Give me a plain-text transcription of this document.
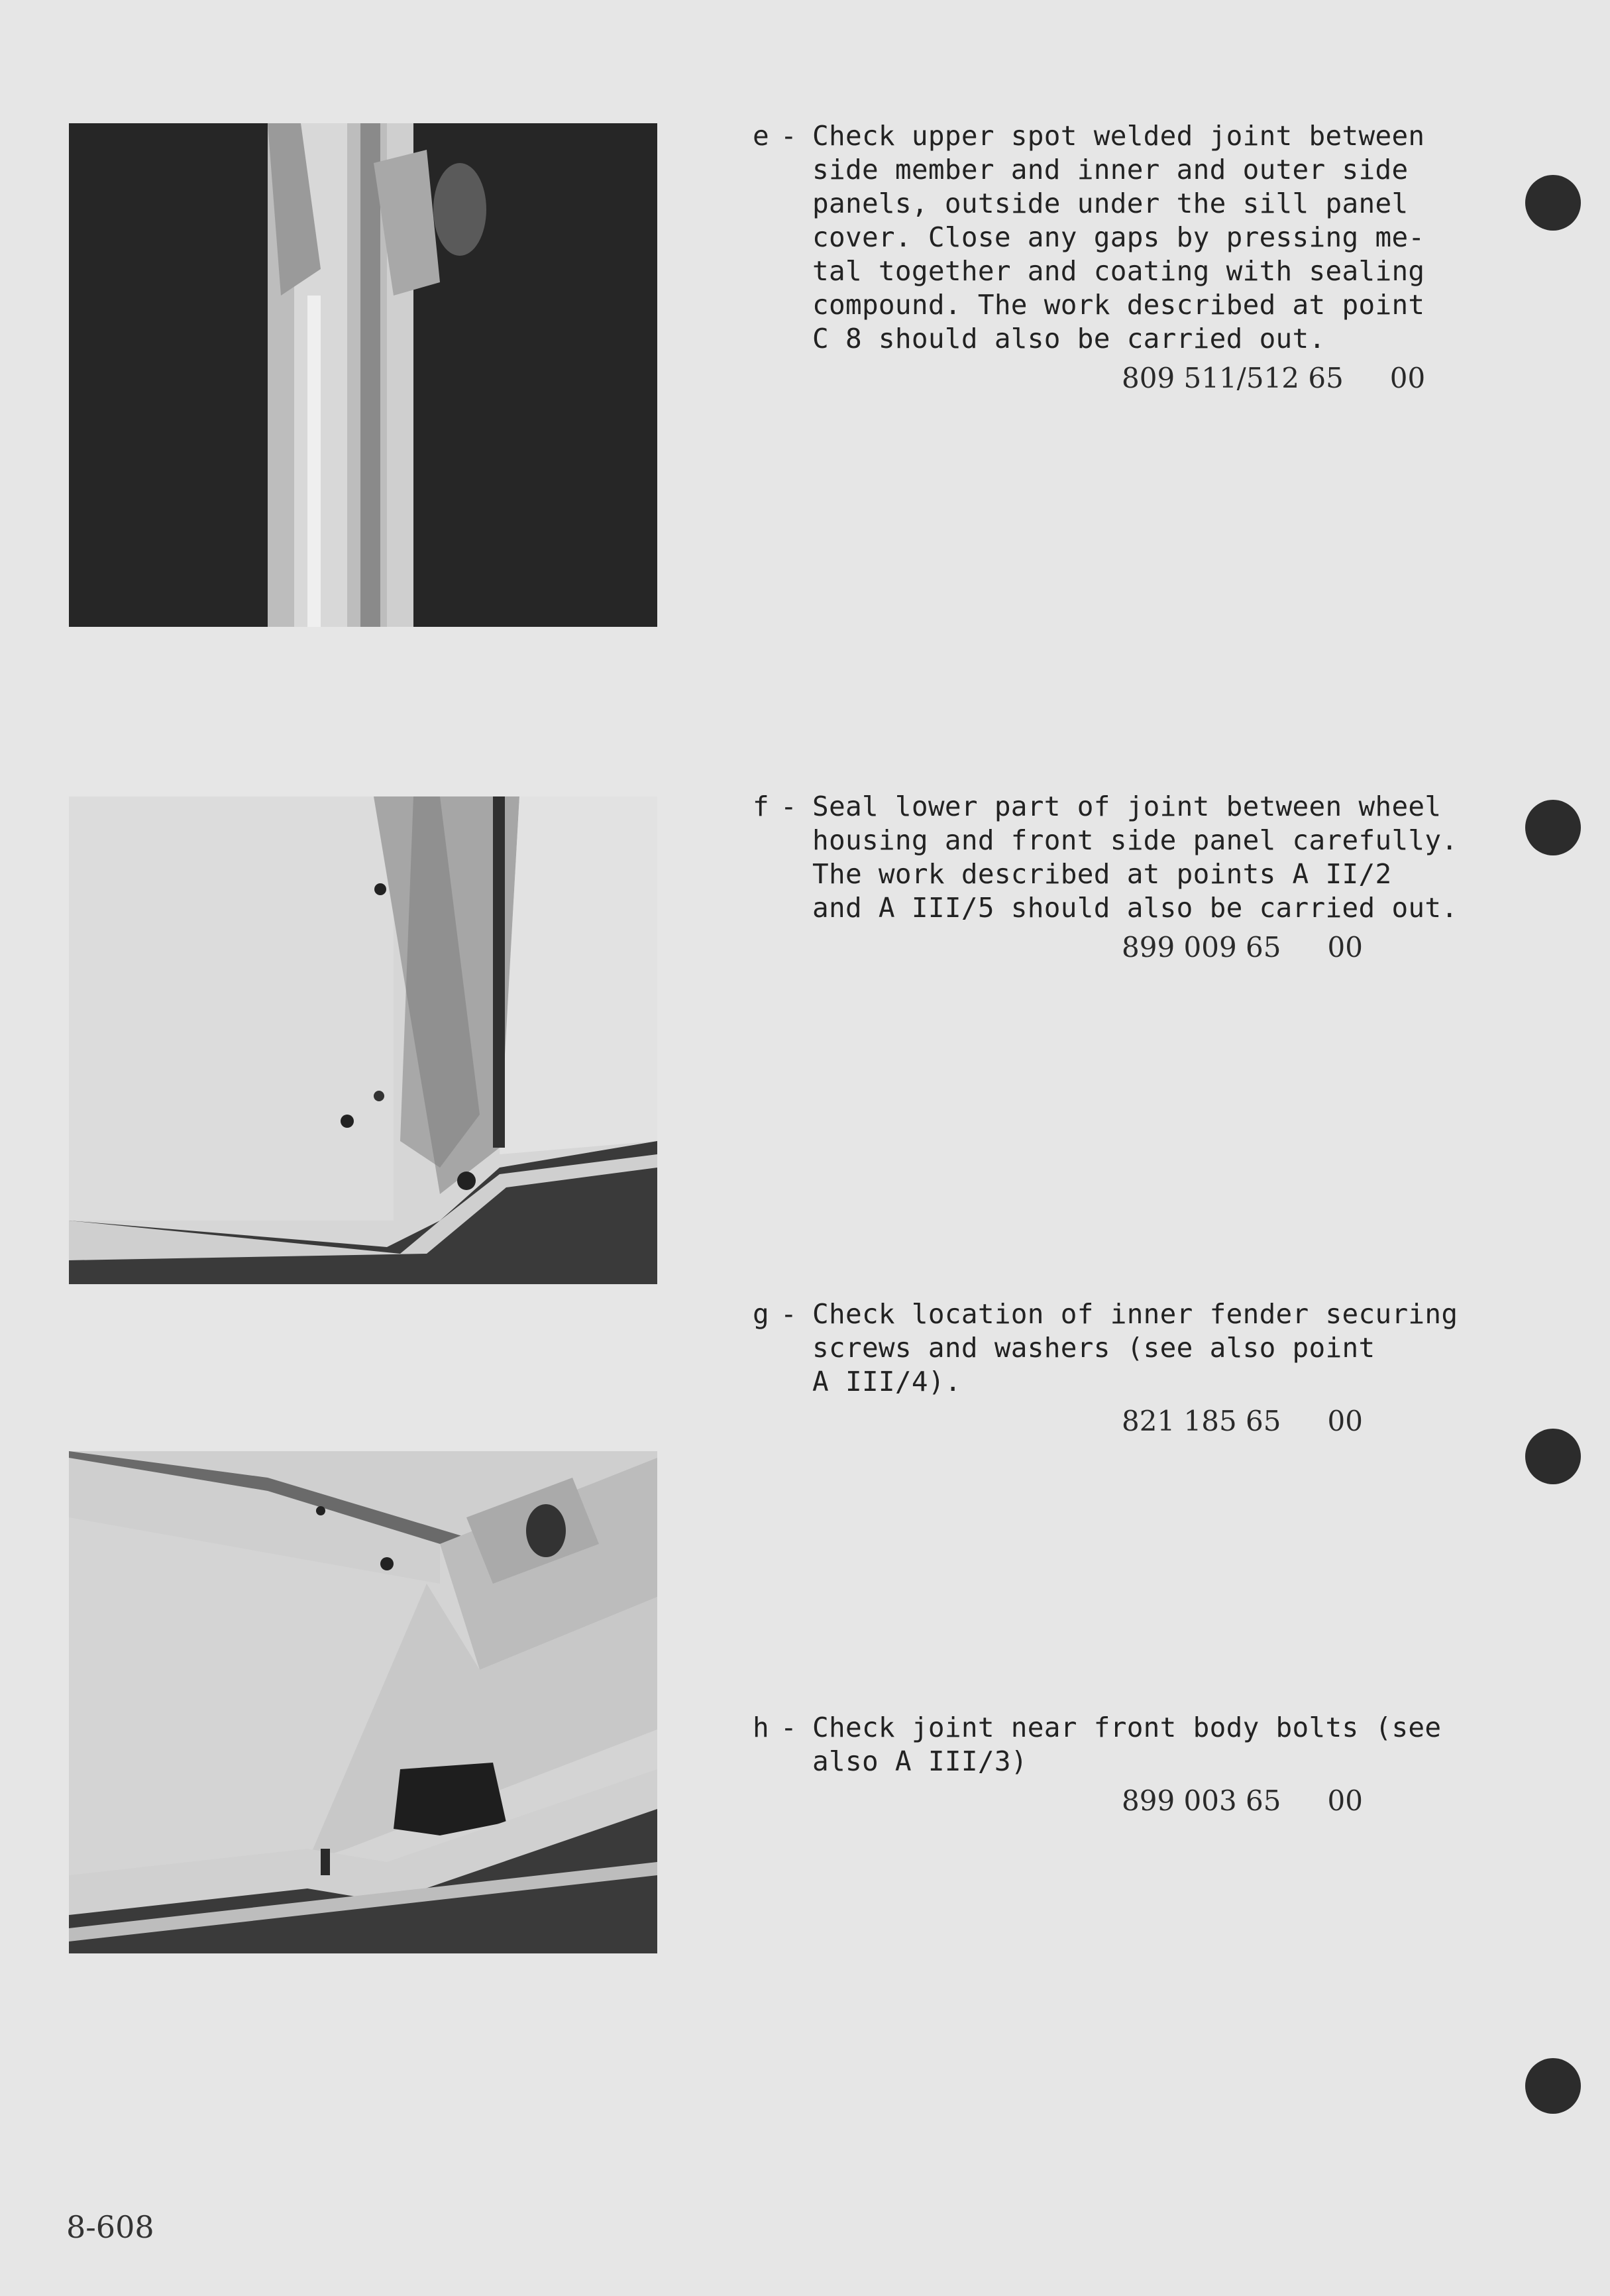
e - Check upper spot welded joint between
side member and inner and outer side
panels, outside under the sill panel
cover. Close any gaps by pressing me-
tal together and coating with sealing
compound. The work described at point
C 8 should also be carried out.
809 511/512 65 00
f - Seal lower part of joint between wheel
housing and front side panel carefully.
The work described at points A II/2
and A III/5 should also be carried out.
899 009 65 00
g - Check location of inner fender securing
screws and washers (see also point
A III/4).
821 185 65 00
h - Check joint near front body bolts (see
also A III/3)
899 003 65 00
8-608
